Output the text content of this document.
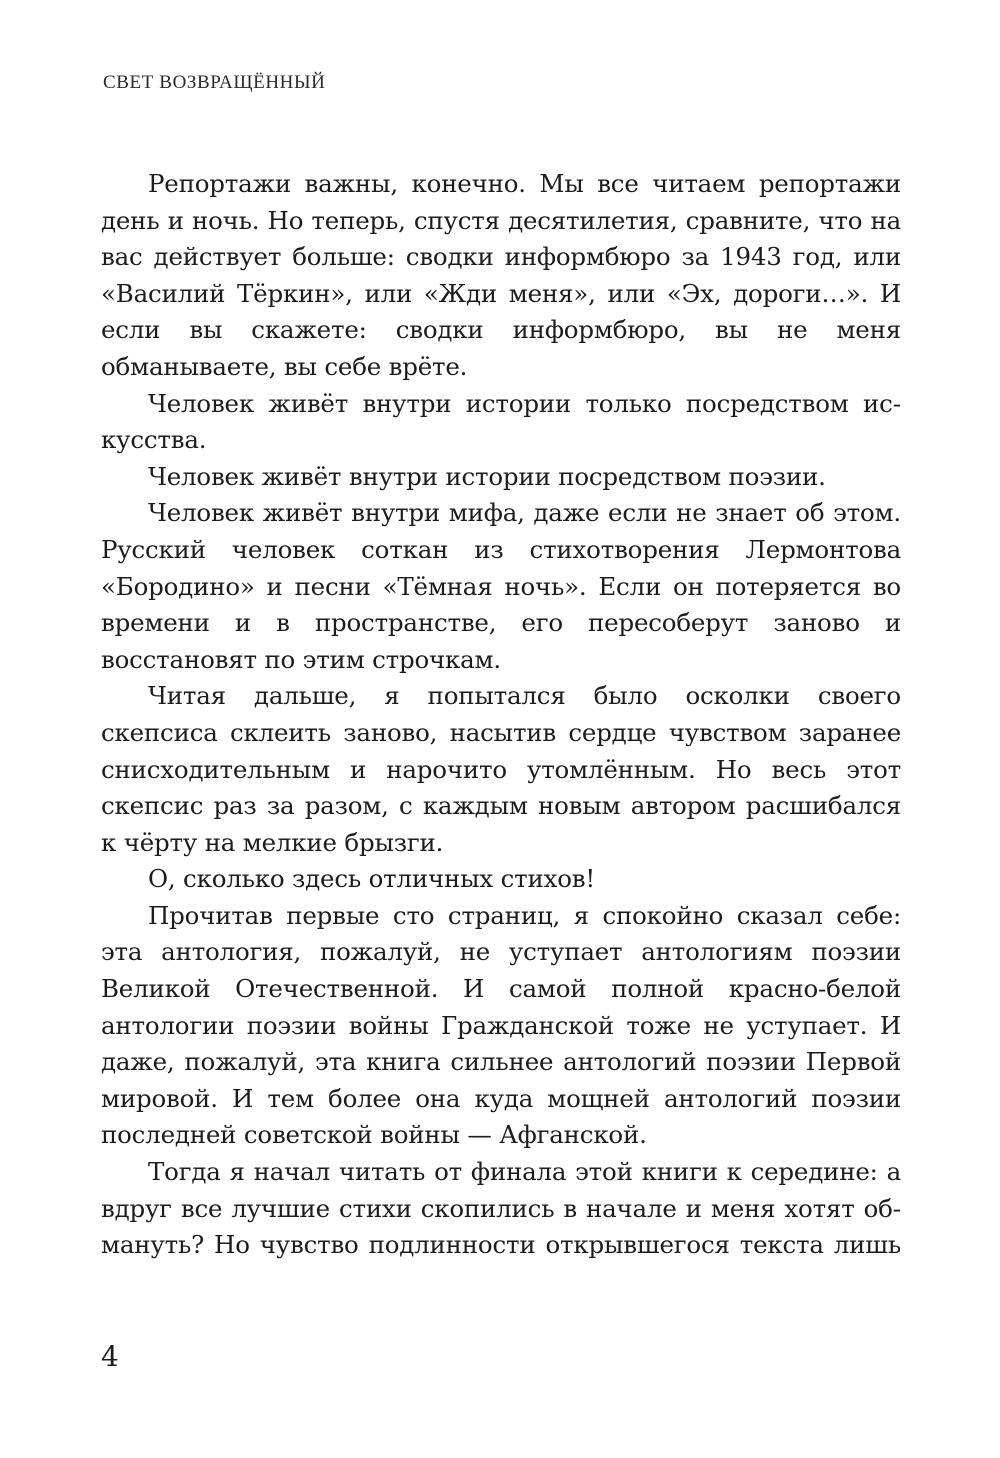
СВЕТ ВОЗВРАЩЁННЫЙ

Репортажи важны, конечно. Мы все читаем репортажи день и ночь. Но теперь, спустя десятилетия, сравните, что на вас действует больше: сводки информбюро за 1943 год, или «Василий Тёркин», или «Жди меня», или «Эх, дороги…». И если вы скажете: сводки информбюро, вы не меня обманываете, вы себе врёте.

Человек живёт внутри истории только посредством искусства.

Человек живёт внутри истории посредством поэзии.

Человек живёт внутри мифа, даже если не знает об этом. Русский человек соткан из стихотворения Лермонтова «Бородино» и песни «Тёмная ночь». Если он потеряется во времени и в пространстве, его пересоберут заново и восстановят по этим строчкам.

Читая дальше, я попытался было осколки своего скепсиса склеить заново, насытив сердце чувством заранее снисходительным и нарочито утомлённым. Но весь этот скепсис раз за разом, с каждым новым автором расшибался к чёрту на мелкие брызги.

О, сколько здесь отличных стихов!

Прочитав первые сто страниц, я спокойно сказал себе: эта антология, пожалуй, не уступает антологиям поэзии Великой Отечественной. И самой полной красно-белой антологии поэзии войны Гражданской тоже не уступает. И даже, пожалуй, эта книга сильнее антологий поэзии Первой мировой. И тем более она куда мощней антологий поэзии последней советской войны — Афганской.

Тогда я начал читать от финала этой книги к середине: а вдруг все лучшие стихи скопились в начале и меня хотят обмануть? Но чувство подлинности открывшегося текста лишь

4
